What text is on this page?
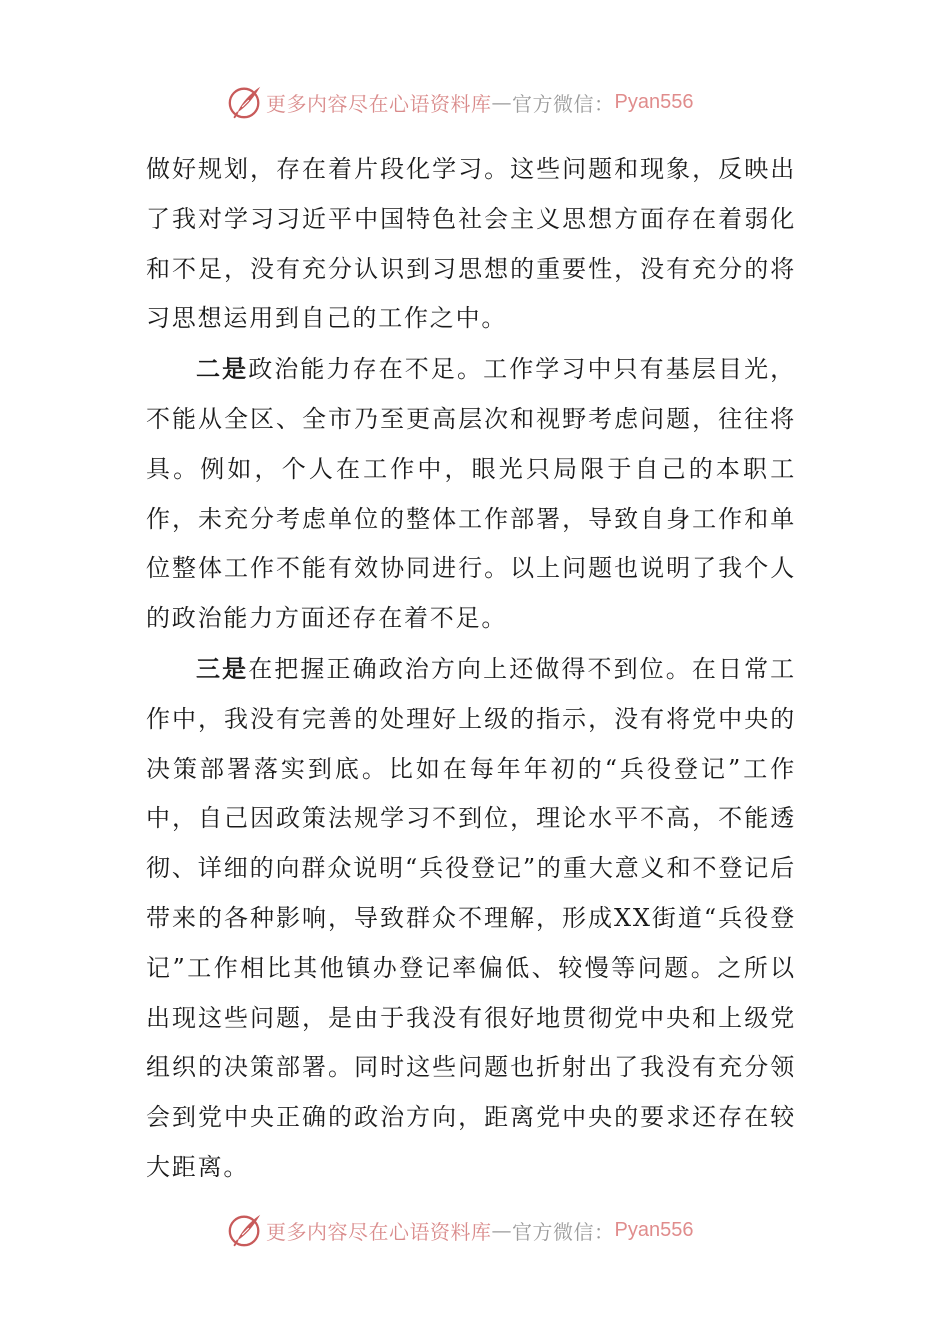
更多内容尽在心语资料库 — 官方微信： Pyan556

做好规划，存在着片段化学习。这些问题和现象，反映出了我对学习习近平中国特色社会主义思想方面存在着弱化和不足，没有充分认识到习思想的重要性，没有充分的将习思想运用到自己的工作之中。

二是政治能力存在不足。工作学习中只有基层目光，不能从全区、全市乃至更高层次和视野考虑问题，往往将具。例如，个人在工作中，眼光只局限于自己的本职工作，未充分考虑单位的整体工作部署，导致自身工作和单位整体工作不能有效协同进行。以上问题也说明了我个人的政治能力方面还存在着不足。

三是在把握正确政治方向上还做得不到位。在日常工作中，我没有完善的处理好上级的指示，没有将党中央的决策部署落实到底。比如在每年年初的“兵役登记”工作中，自己因政策法规学习不到位，理论水平不高，不能透彻、详细的向群众说明“兵役登记”的重大意义和不登记后带来的各种影响，导致群众不理解，形成XX街道“兵役登记”工作相比其他镇办登记率偏低、较慢等问题。之所以出现这些问题，是由于我没有很好地贯彻党中央和上级党组织的决策部署。同时这些问题也折射出了我没有充分领会到党中央正确的政治方向，距离党中央的要求还存在较大距离。

更多内容尽在心语资料库 — 官方微信： Pyan556
